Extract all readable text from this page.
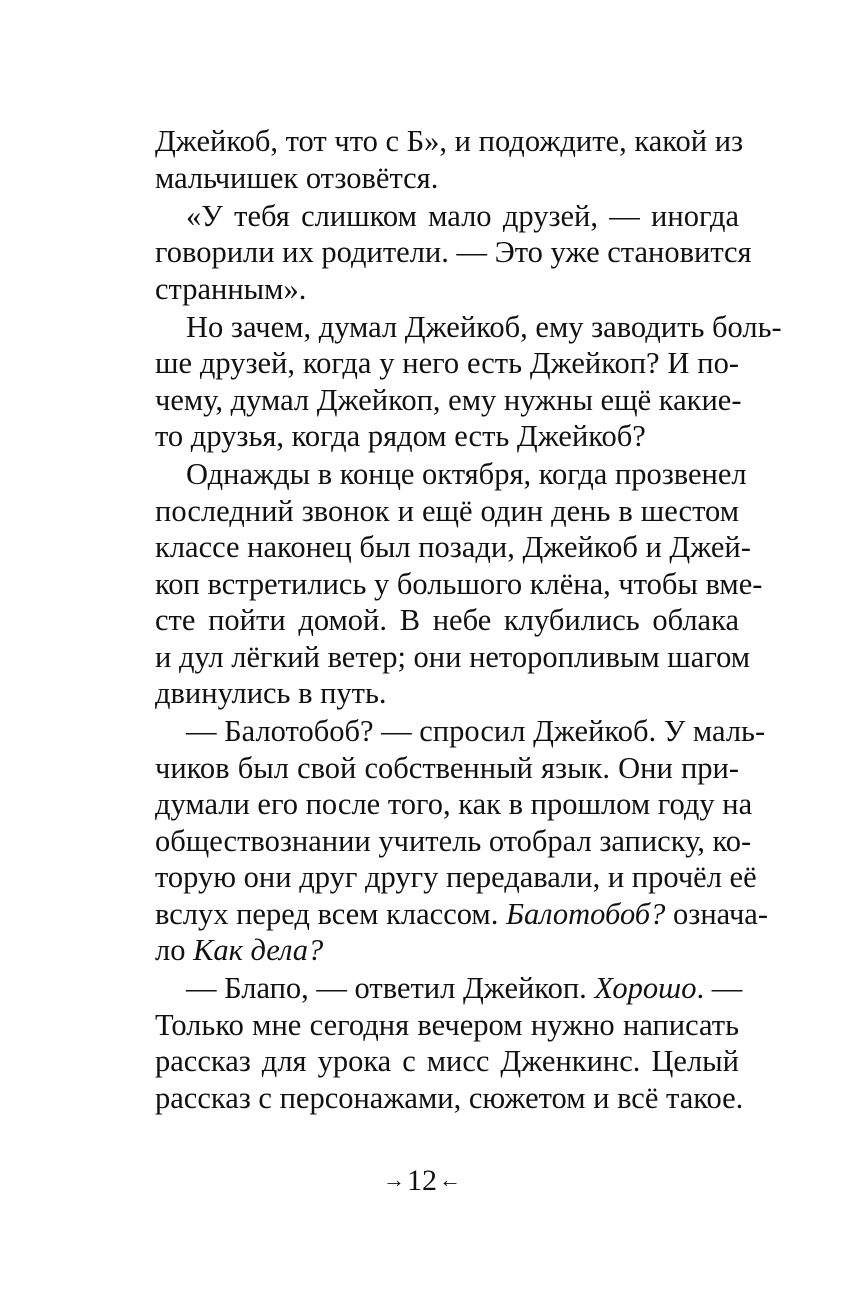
Джейкоб, тот что с Б», и подождите, какой из
мальчишек отзовётся.
«У тебя слишком мало друзей, — иногда
говорили их родители. — Это уже становится
странным».
Но зачем, думал Джейкоб, ему заводить боль-
ше друзей, когда у него есть Джейкоп? И по-
чему, думал Джейкоп, ему нужны ещё какие-
то друзья, когда рядом есть Джейкоб?
Однажды в конце октября, когда прозвенел
последний звонок и ещё один день в шестом
классе наконец был позади, Джейкоб и Джей-
коп встретились у большого клёна, чтобы вме-
сте пойти домой. В небе клубились облака
и дул лёгкий ветер; они неторопливым шагом
двинулись в путь.
— Балотобоб? — спросил Джейкоб. У маль-
чиков был свой собственный язык. Они при-
думали его после того, как в прошлом году на
обществознании учитель отобрал записку, ко-
торую они друг другу передавали, и прочёл её
вслух перед всем классом. Балотобоб? означа-
ло Как дела?
— Блапо, — ответил Джейкоп. Хорошо. —
Только мне сегодня вечером нужно написать
рассказ для урока с мисс Дженкинс. Целый
рассказ с персонажами, сюжетом и всё такое.
→12←
